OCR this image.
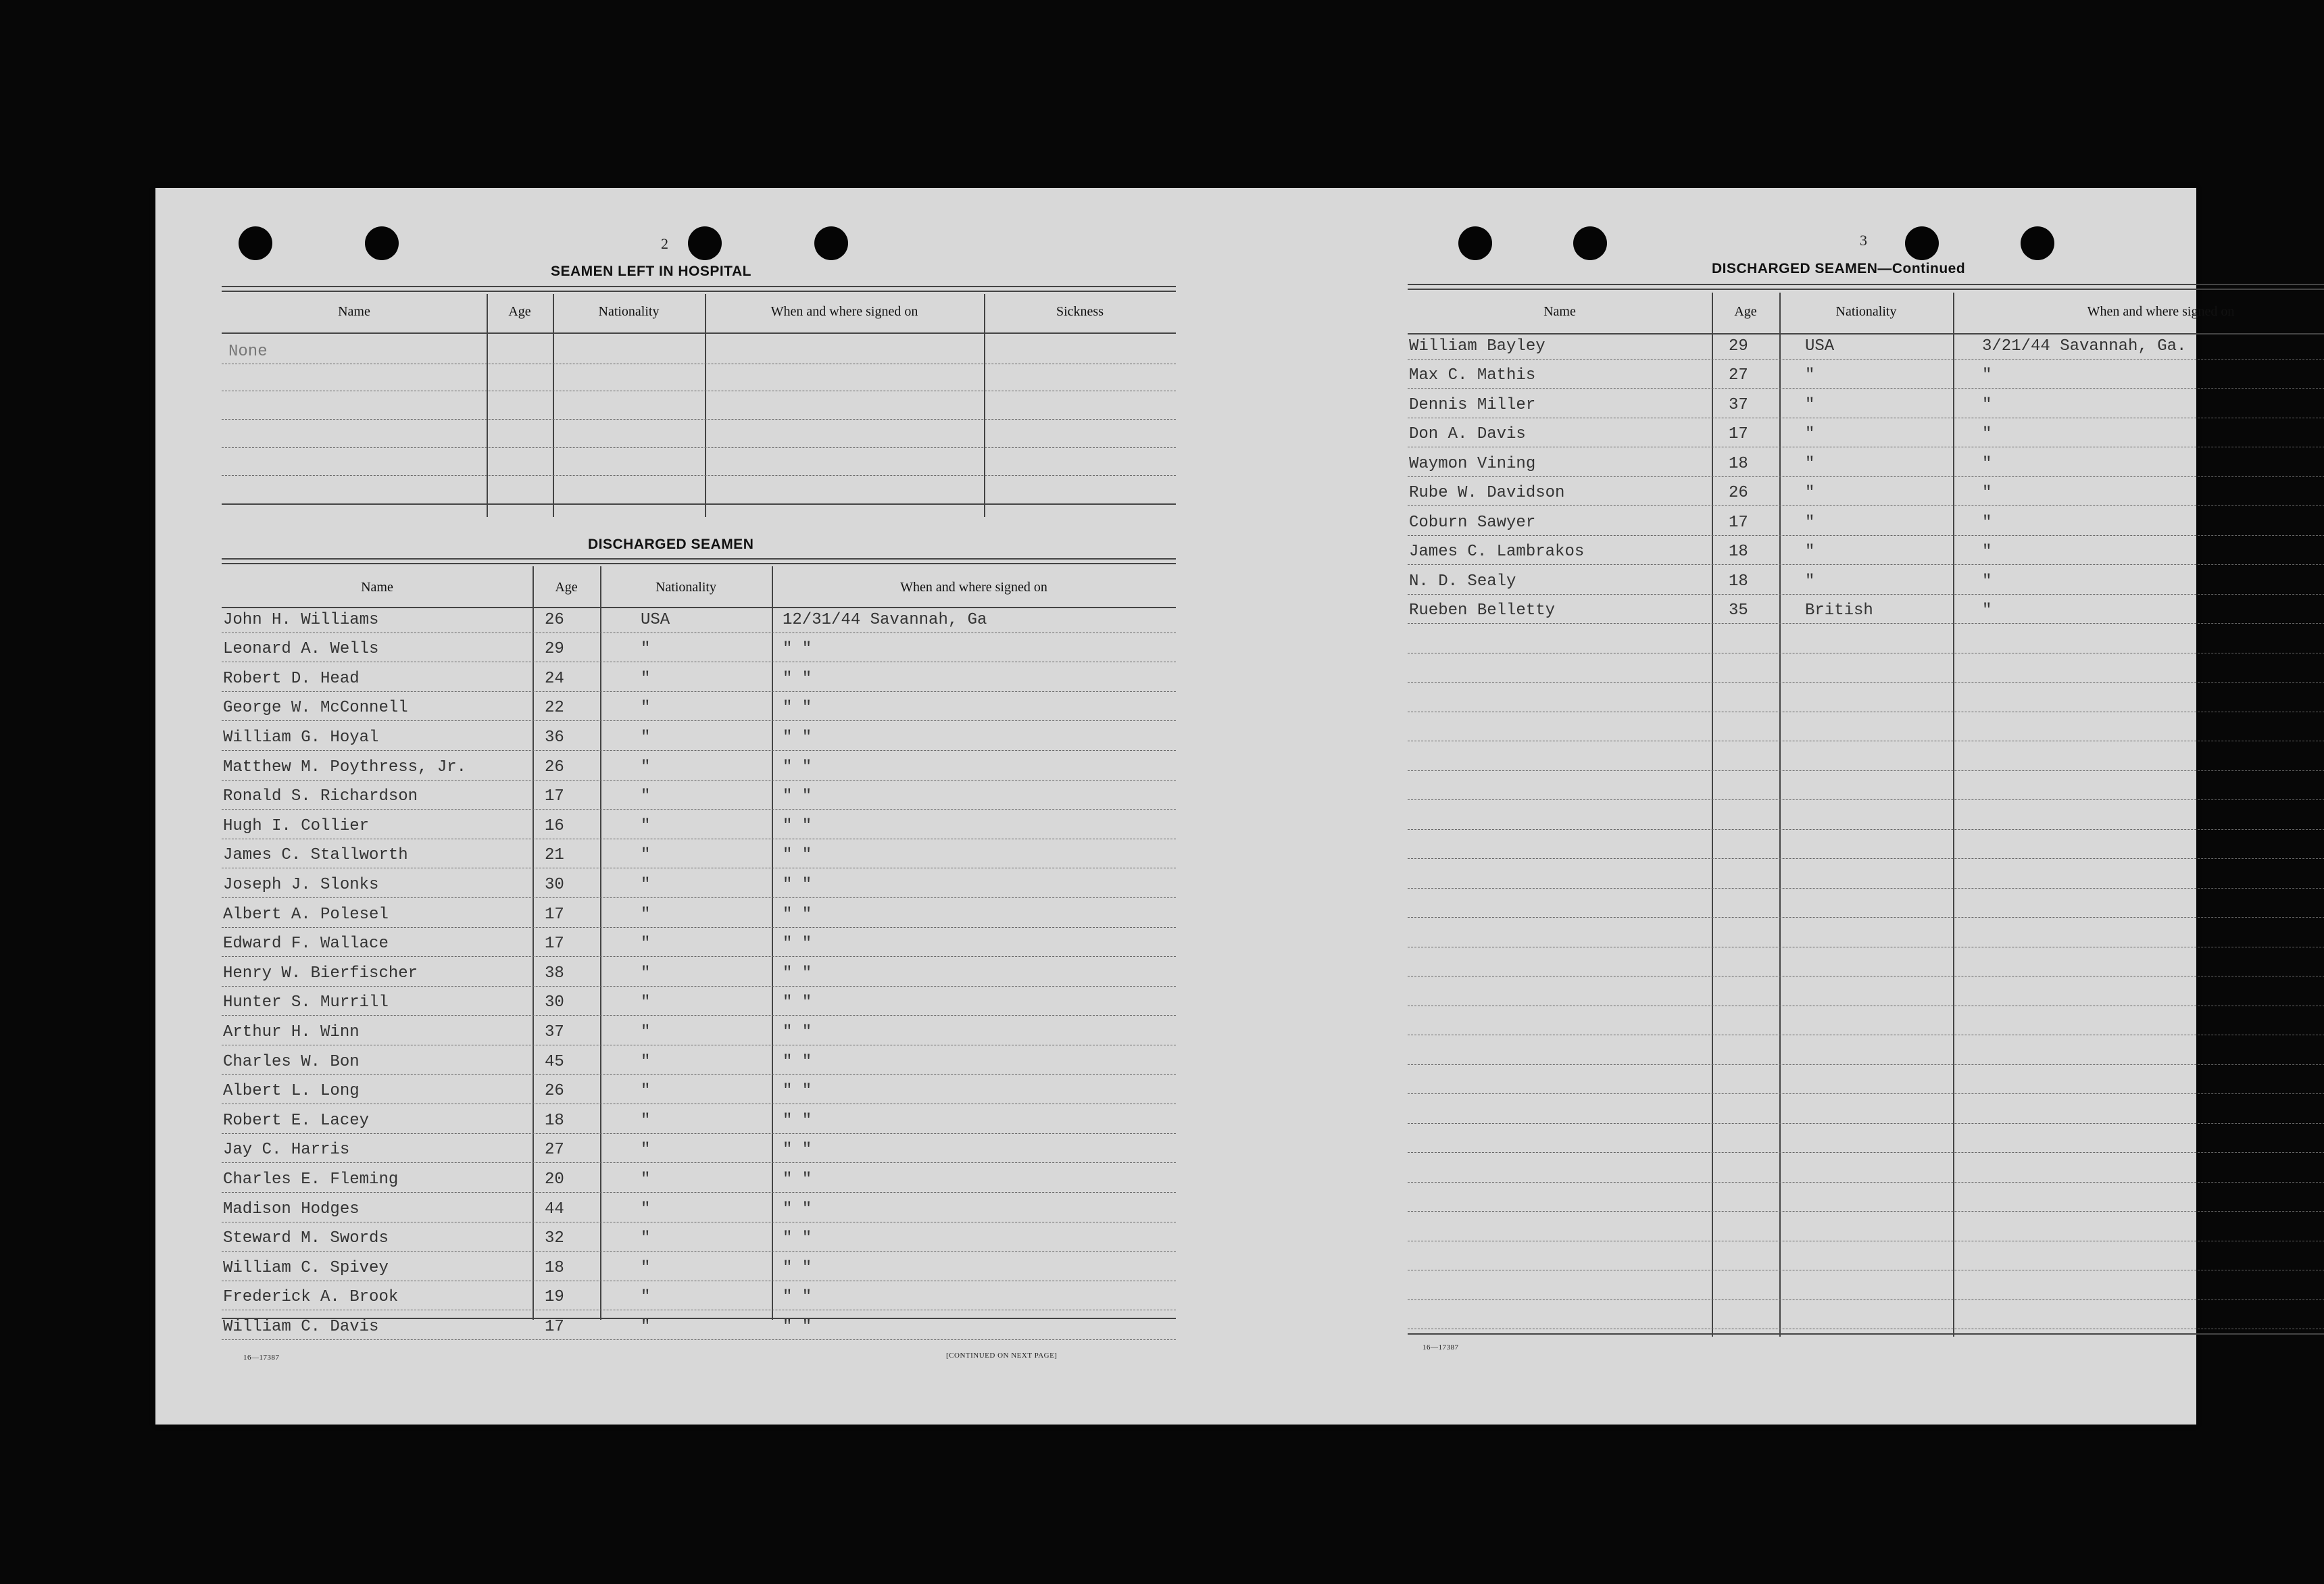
2
SEAMEN LEFT IN HOSPITAL
Name	Age	Nationality	When and where signed on	Sickness
None
DISCHARGED SEAMEN
Name	Age	Nationality	When and where signed on
John H. Williams	26	USA	12/31/44 Savannah, Ga
Leonard A. Wells	29	"	" "
Robert D. Head	24	"	" "
George W. McConnell	22	"	" "
William G. Hoyal	36	"	" "
Matthew M. Poythress, Jr.	26	"	" "
Ronald S. Richardson	17	"	" "
Hugh I. Collier	16	"	" "
James C. Stallworth	21	"	" "
Joseph J. Slonks	30	"	" "
Albert A. Polesel	17	"	" "
Edward F. Wallace	17	"	" "
Henry W. Bierfischer	38	"	" "
Hunter S. Murrill	30	"	" "
Arthur H. Winn	37	"	" "
Charles W. Bon	45	"	" "
Albert L. Long	26	"	" "
Robert E. Lacey	18	"	" "
Jay C. Harris	27	"	" "
Charles E. Fleming	20	"	" "
Madison Hodges	44	"	" "
Steward M. Swords	32	"	" "
William C. Spivey	18	"	" "
Frederick A. Brook	19	"	" "
William C. Davis	17	"	" "
16—17387	[CONTINUED ON NEXT PAGE]
3
DISCHARGED SEAMEN—Continued
Name	Age	Nationality	When and where signed on
William Bayley	29	USA	3/21/44 Savannah, Ga.
Max C. Mathis	27	"	"
Dennis Miller	37	"	"
Don A. Davis	17	"	"
Waymon Vining	18	"	"
Rube W. Davidson	26	"	"
Coburn Sawyer	17	"	"
James C. Lambrakos	18	"	"
N. D. Sealy	18	"	"
Rueben Belletty	35	British	"
16—17387
